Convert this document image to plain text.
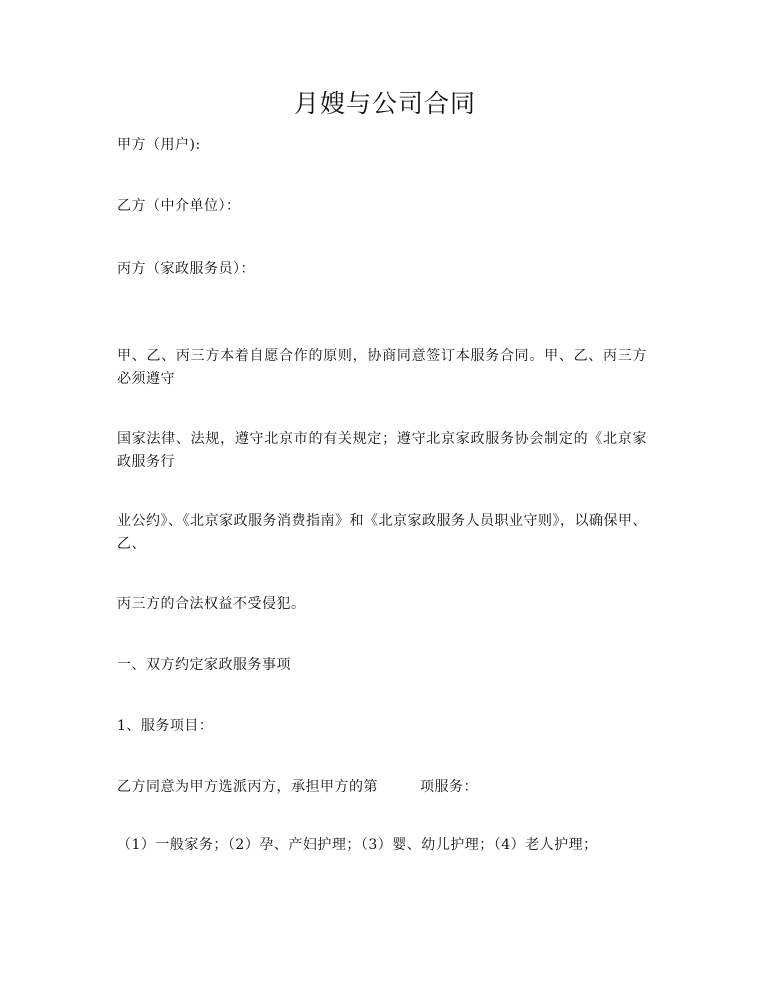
月嫂与公司合同
甲方（用户):
乙方（中介单位）：
丙方（家政服务员）：
甲、乙、丙三方本着自愿合作的原则，协商同意签订本服务合同。甲、乙、丙三方必须遵守
国家法律、法规，遵守北京市的有关规定；遵守北京家政服务协会制定的《北京家政服务行
业公约》、《北京家政服务消费指南》和《北京家政服务人员职业守则》，以确保甲、乙、
丙三方的合法权益不受侵犯。
一、双方约定家政服务事项
1、服务项目：
乙方同意为甲方选派丙方，承担甲方的第	项服务：
（1）一般家务；（2）孕、产妇护理；（3）婴、幼儿护理；（4）老人护理；
